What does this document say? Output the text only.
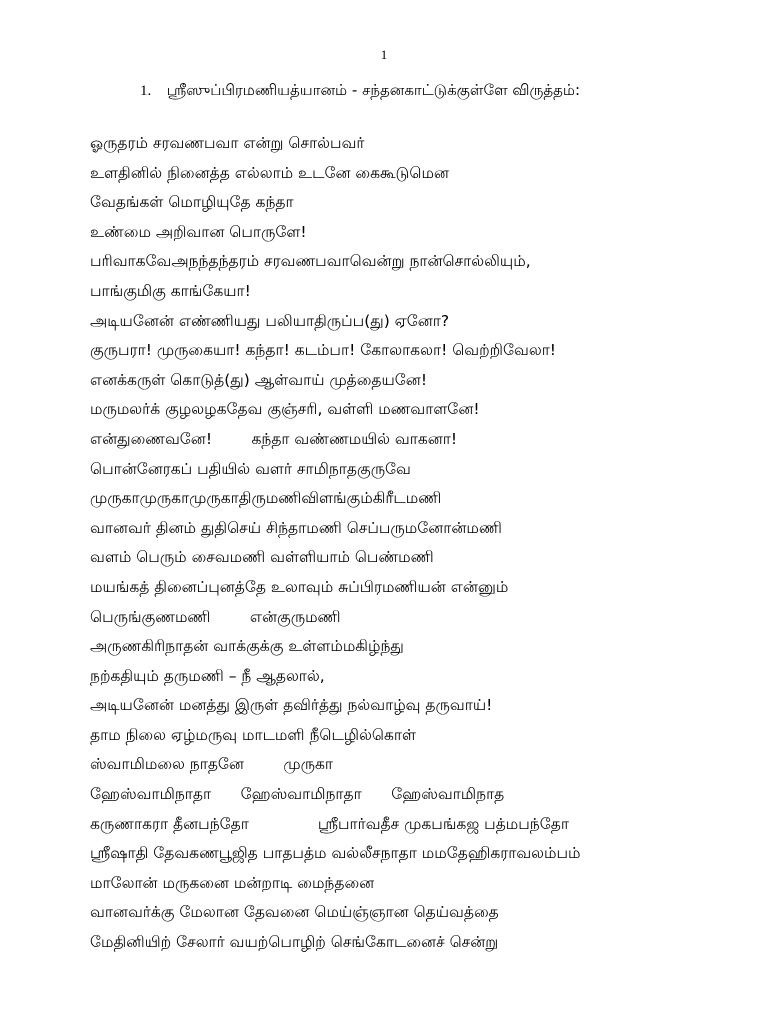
1
1. ஸ்ரீஸுப்பிரமணியத்யானம் - சந்தனகாட்டுக்குள்ளே விருத்தம்:
ஓருதரம் சரவணபவா என்று சொல்பவர்
உளதினில் நினைத்த எல்லாம் உடனே கைகூடுமென
வேதங்கள் மொழியுதே கந்தா
உண்மை அறிவான பொருளே!
பரிவாகவேஅநந்தந்தரம் சரவணபவாவென்று நான்சொல்லியும்,
பாங்குமிகு காங்கேயா!
அடியனேன் எண்ணியது பலியாதிருப்ப(து) ஏனோ?
குருபரா! முருகையா! கந்தா! கடம்பா! கோலாகலா! வெற்றிவேலா!
எனக்கருள் கொடுத்(து) ஆள்வாய் முத்தையனே!
மருமலர்க் குழலழகதேவ குஞ்சரி, வள்ளி மணவாளனே!
என்துணைவனே!        கந்தா வண்ணமயில் வாகனா!
பொன்னேரகப் பதியில் வளர் சாமிநாதகுருவே
முருகாமுருகாமுருகாதிருமணிவிளங்கும்கிரீடமணி
வானவர் தினம் துதிசெய் சிந்தாமணி செப்பருமனோன்மணி
வளம் பெரும் சைவமணி வள்ளியாம் பெண்மணி
மயங்கத் தினைப்புனத்தே உலாவும் சுப்பிரமணியன் என்னும்
பெருங்குணமணி        என்குருமணி
அருணகிரிநாதன் வாக்குக்கு உள்ளம்மகிழ்ந்து
நற்கதியும் தருமணி – நீ ஆதலால்,
அடியனேன் மனத்து இருள் தவிர்த்து நல்வாழ்வு தருவாய்!
தாம நிலை ஏழ்மருவு மாடமளி நீடெழில்கொள்
ஸ்வாமிமலை நாதனே        முருகா
ஹேஸ்வாமிநாதா      ஹேஸ்வாமிநாதா      ஹேஸ்வாமிநாத
கருணாகரா தீனபந்தோ              ஸ்ரீபார்வதீச முகபங்கஜ பத்மபந்தோ
ஸ்ரீஷாதி தேவகணபூஜித பாதபத்ம வல்லீசநாதா மமதேஹிகராவலம்பம்
மாலோன் மருகனை மன்றாடி மைந்தனை
வானவர்க்கு மேலான தேவனை மெய்ஞ்ஞான தெய்வத்தை
மேதினியிற் சேலார் வயற்பொழிற் செங்கோடனைச் சென்று
